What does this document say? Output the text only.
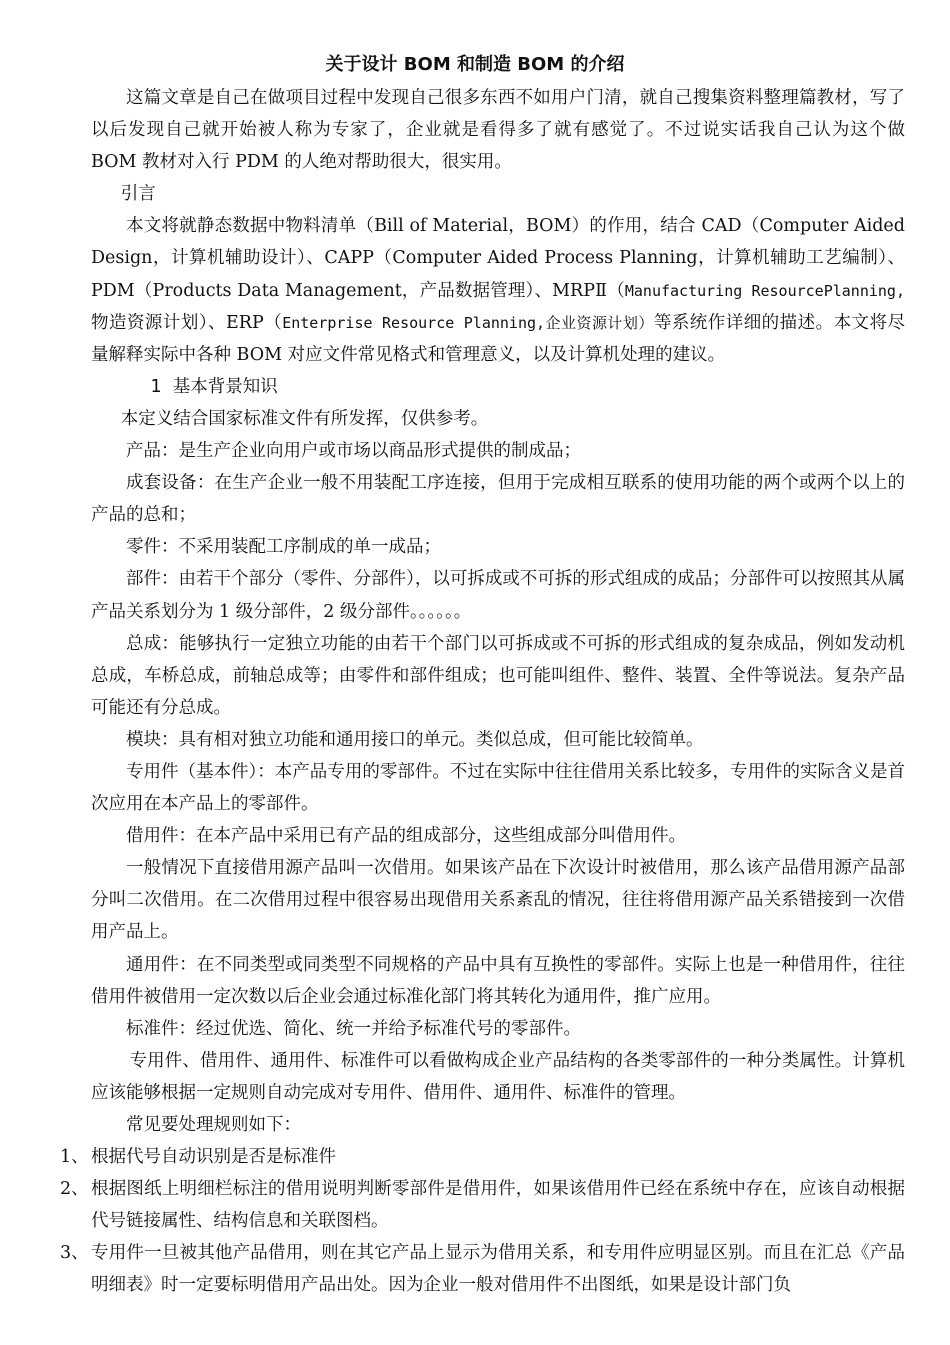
关于设计 BOM 和制造 BOM 的介绍

这篇文章是自己在做项目过程中发现自己很多东西不如用户门清，就自己搜集资料整理篇教材，写了以后发现自己就开始被人称为专家了，企业就是看得多了就有感觉了。不过说实话我自己认为这个做 BOM 教材对入行 PDM 的人绝对帮助很大，很实用。

引言

本文将就静态数据中物料清单（Bill of Material，BOM）的作用，结合 CAD（Computer Aided Design，计算机辅助设计）、CAPP（Computer Aided Process Planning，计算机辅助工艺编制）、PDM（Products Data Management，产品数据管理）、MRPⅡ（Manufacturing ResourcePlanning,物造资源计划）、ERP（Enterprise Resource Planning,企业资源计划）等系统作详细的描述。本文将尽量解释实际中各种 BOM 对应文件常见格式和管理意义，以及计算机处理的建议。

1 基本背景知识

本定义结合国家标准文件有所发挥，仅供参考。

产品：是生产企业向用户或市场以商品形式提供的制成品；

成套设备：在生产企业一般不用装配工序连接，但用于完成相互联系的使用功能的两个或两个以上的产品的总和；

零件：不采用装配工序制成的单一成品；

部件：由若干个部分（零件、分部件），以可拆成或不可拆的形式组成的成品；分部件可以按照其从属产品关系划分为 1 级分部件，2 级分部件。。。。。。

总成：能够执行一定独立功能的由若干个部门以可拆成或不可拆的形式组成的复杂成品，例如发动机总成，车桥总成，前轴总成等；由零件和部件组成；也可能叫组件、整件、装置、全件等说法。复杂产品可能还有分总成。

模块：具有相对独立功能和通用接口的单元。类似总成，但可能比较简单。

专用件（基本件）：本产品专用的零部件。不过在实际中往往借用关系比较多，专用件的实际含义是首次应用在本产品上的零部件。

借用件：在本产品中采用已有产品的组成部分，这些组成部分叫借用件。

一般情况下直接借用源产品叫一次借用。如果该产品在下次设计时被借用，那么该产品借用源产品部分叫二次借用。在二次借用过程中很容易出现借用关系紊乱的情况，往往将借用源产品关系错接到一次借用产品上。

通用件：在不同类型或同类型不同规格的产品中具有互换性的零部件。实际上也是一种借用件，往往借用件被借用一定次数以后企业会通过标准化部门将其转化为通用件，推广应用。

标准件：经过优选、简化、统一并给予标准代号的零部件。

专用件、借用件、通用件、标准件可以看做构成企业产品结构的各类零部件的一种分类属性。计算机应该能够根据一定规则自动完成对专用件、借用件、通用件、标准件的管理。

常见要处理规则如下：

1、 根据代号自动识别是否是标准件

2、 根据图纸上明细栏标注的借用说明判断零部件是借用件，如果该借用件已经在系统中存在，应该自动根据代号链接属性、结构信息和关联图档。

3、 专用件一旦被其他产品借用，则在其它产品上显示为借用关系，和专用件应明显区别。而且在汇总《产品明细表》时一定要标明借用产品出处。因为企业一般对借用件不出图纸，如果是设计部门负
